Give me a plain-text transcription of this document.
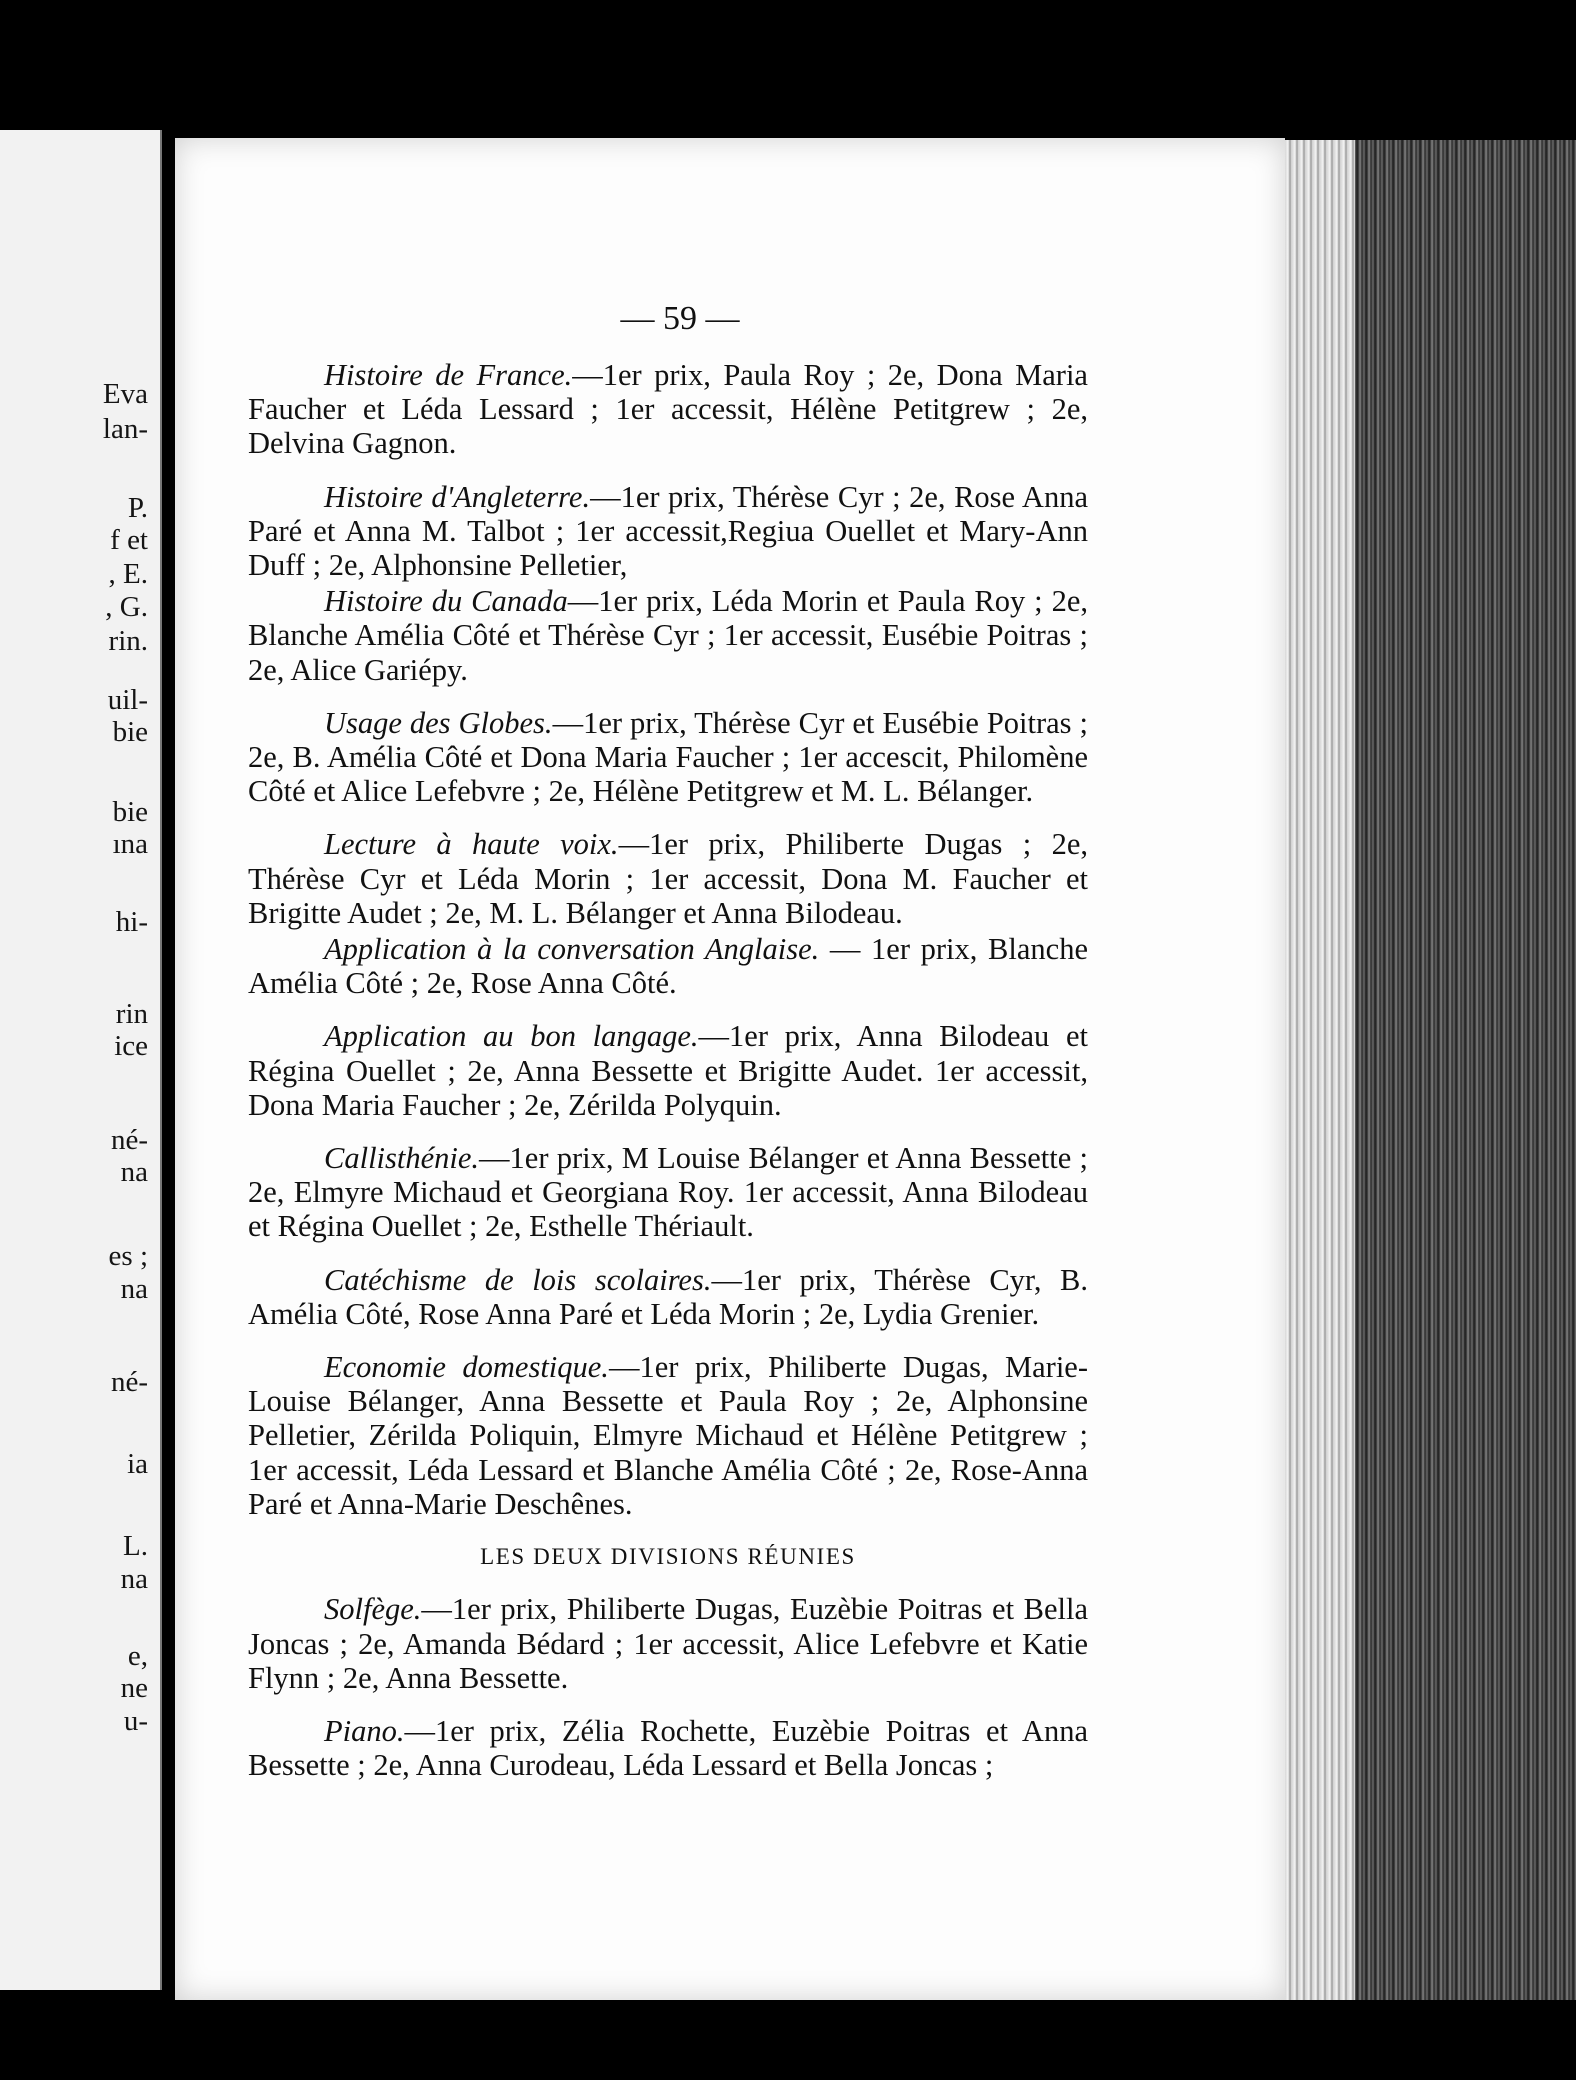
Eva
lan-
P.
f et
, E.
, G.
rin.
uil-
bie
bie
ına
hi-
rin
ice
né-
na
es ;
na
né-
ia
L.
na
e,
ne
u-
— 59 —

Histoire de France.—1er prix, Paula Roy ; 2e, Dona Maria Faucher et Léda Lessard ; 1er accessit, Hélène Petitgrew ; 2e, Delvina Gagnon.

Histoire d'Angleterre.—1er prix, Thérèse Cyr ; 2e, Rose Anna Paré et Anna M. Talbot ; 1er accessit,Regiua Ouellet et Mary-Ann Duff ; 2e, Alphonsine Pelletier,

Histoire du Canada—1er prix, Léda Morin et Paula Roy ; 2e, Blanche Amélia Côté et Thérèse Cyr ; 1er accessit, Eusébie Poitras ; 2e, Alice Gariépy.

Usage des Globes.—1er prix, Thérèse Cyr et Eusébie Poitras ; 2e, B. Amélia Côté et Dona Maria Faucher ; 1er accescit, Philomène Côté et Alice Lefebvre ; 2e, Hélène Petitgrew et M. L. Bélanger.

Lecture à haute voix.—1er prix, Philiberte Dugas ; 2e, Thérèse Cyr et Léda Morin ; 1er accessit, Dona M. Faucher et Brigitte Audet ; 2e, M. L. Bélanger et Anna Bilodeau.

Application à la conversation Anglaise. — 1er prix, Blanche Amélia Côté ; 2e, Rose Anna Côté.

Application au bon langage.—1er prix, Anna Bilodeau et Régina Ouellet ; 2e, Anna Bessette et Brigitte Audet. 1er accessit, Dona Maria Faucher ; 2e, Zérilda Polyquin.

Callisthénie.—1er prix, M Louise Bélanger et Anna Bessette ; 2e, Elmyre Michaud et Georgiana Roy. 1er accessit, Anna Bilodeau et Régina Ouellet ; 2e, Esthelle Thériault.

Catéchisme de lois scolaires.—1er prix, Thérèse Cyr, B. Amélia Côté, Rose Anna Paré et Léda Morin ; 2e, Lydia Grenier.

Economie domestique.—1er prix, Philiberte Dugas, Marie-Louise Bélanger, Anna Bessette et Paula Roy ; 2e, Alphonsine Pelletier, Zérilda Poliquin, Elmyre Michaud et Hélène Petitgrew ; 1er accessit, Léda Lessard et Blanche Amélia Côté ; 2e, Rose-Anna Paré et Anna-Marie Deschênes.

LES DEUX DIVISIONS RÉUNIES

Solfège.—1er prix, Philiberte Dugas, Euzèbie Poitras et Bella Joncas ; 2e, Amanda Bédard ; 1er accessit, Alice Lefebvre et Katie Flynn ; 2e, Anna Bessette.

Piano.—1er prix, Zélia Rochette, Euzèbie Poitras et Anna Bessette ; 2e, Anna Curodeau, Léda Lessard et Bella Joncas ;
